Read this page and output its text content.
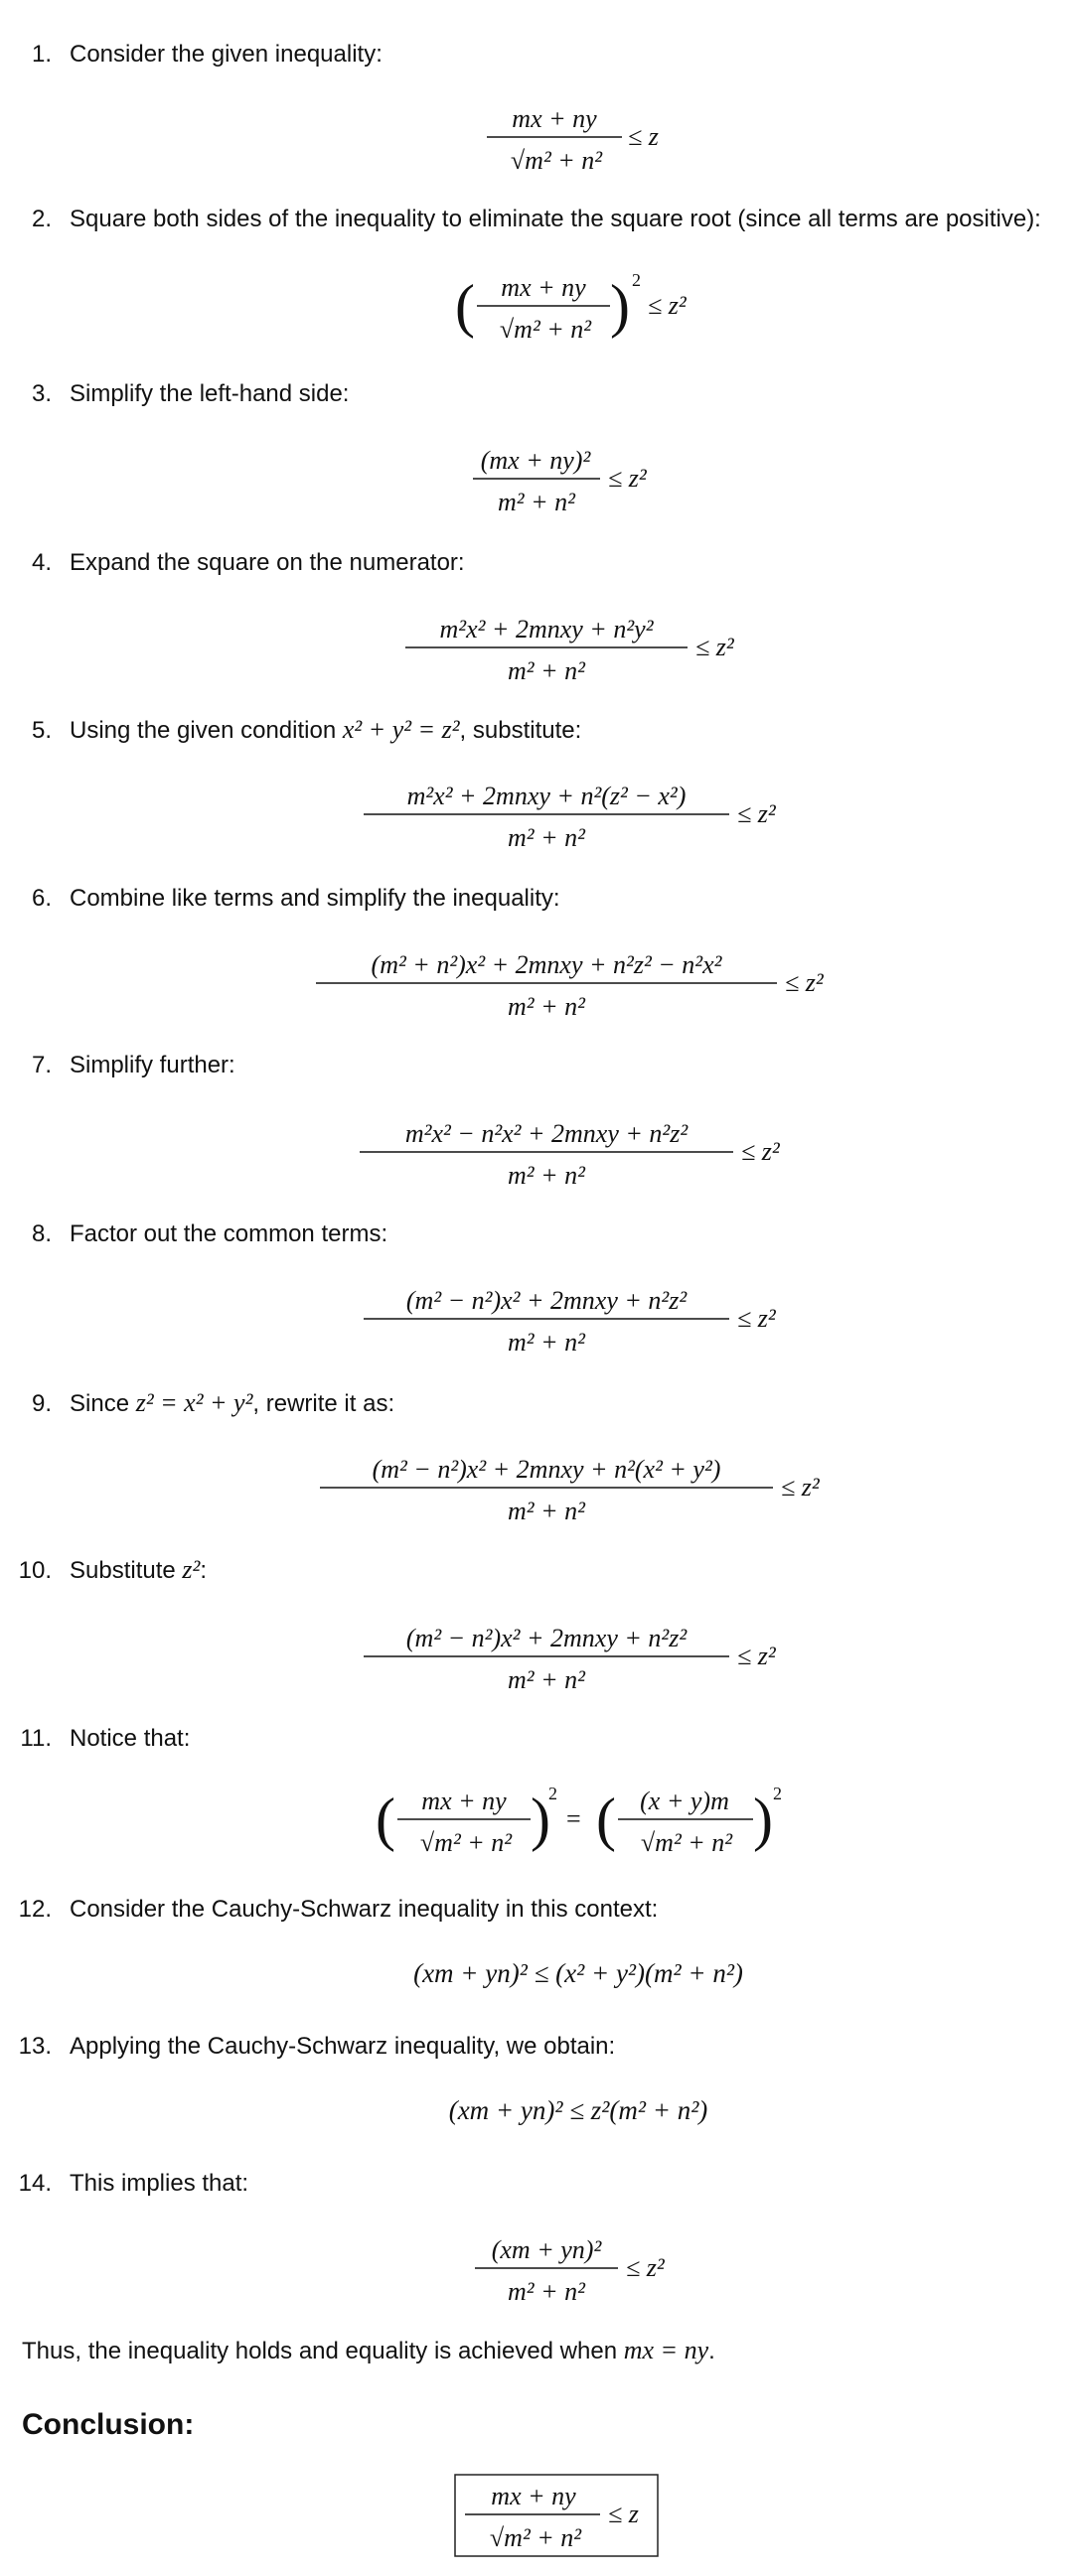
1. Consider the given inequality:
mx + ny
√m² + n²
≤ z
2. Square both sides of the inequality to eliminate the square root (since all terms are positive):
( mx + ny
√m² + n² ) 2
≤ z²
3. Simplify the left-hand side:
(mx + ny)²
m² + n²
≤ z²
4. Expand the square on the numerator:
m²x² + 2mnxy + n²y²
m² + n²
≤ z²
5. Using the given condition x² + y² = z², substitute:
m²x² + 2mnxy + n²(z² − x²)
m² + n²
≤ z²
6. Combine like terms and simplify the inequality:
(m² + n²)x² + 2mnxy + n²z² − n²x²
m² + n²
≤ z²
7. Simplify further:
m²x² − n²x² + 2mnxy + n²z²
m² + n²
≤ z²
8. Factor out the common terms:
(m² − n²)x² + 2mnxy + n²z²
m² + n²
≤ z²
9. Since z² = x² + y², rewrite it as:
(m² − n²)x² + 2mnxy + n²(x² + y²)
m² + n²
≤ z²
10. Substitute z²:
(m² − n²)x² + 2mnxy + n²z²
m² + n²
≤ z²
11. Notice that:
( mx + ny
√m² + n² )
2
= ( (x + y)m
√m² + n² ) 2
12. Consider the Cauchy-Schwarz inequality in this context:
(xm + yn)² ≤ (x² + y²)(m² + n²)
13. Applying the Cauchy-Schwarz inequality, we obtain:
(xm + yn)² ≤ z²(m² + n²)
14. This implies that:
(xm + yn)²
m² + n²
≤ z²
Thus, the inequality holds and equality is achieved when mx = ny.
Conclusion:
mx + ny
√m² + n²
≤ z
